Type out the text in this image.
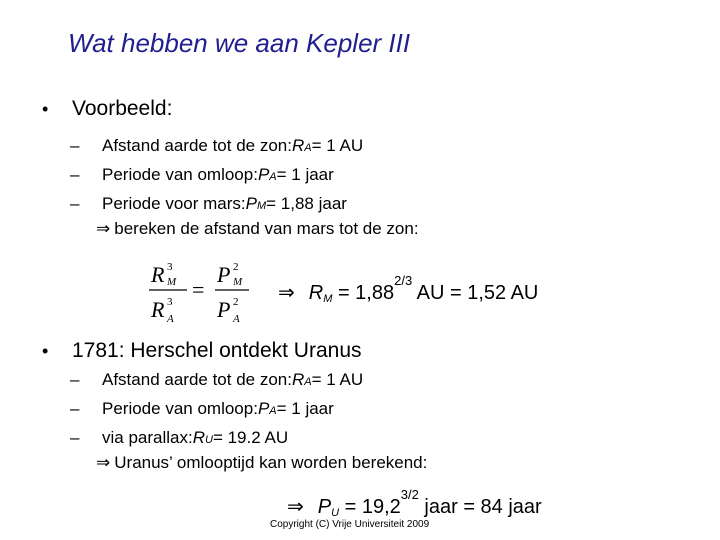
Wat hebben we aan Kepler III
•	Voorbeeld:
–	Afstand aarde tot de zon: R A = 1 AU
–	Periode van omloop: P A = 1 jaar
–	Periode voor mars: P M = 1,88 jaar
⇒ bereken de afstand van mars tot de zon:
R 3
M
R 3
A
=
P 2
M
P 2
A
⇒ $R_M = 1,88^{2/3}$ AU = 1,52 AU
•	1781: Herschel ontdekt Uranus
–	Afstand aarde tot de zon: R A = 1 AU
–	Periode van omloop: P A = 1 jaar
–	via parallax: R U = 19.2 AU
⇒ Uranus’ omlooptijd kan worden berekend:
⇒ $P_U = 19,2^{3/2}$ jaar = 84 jaar
Copyright (C) Vrije Universiteit 2009
